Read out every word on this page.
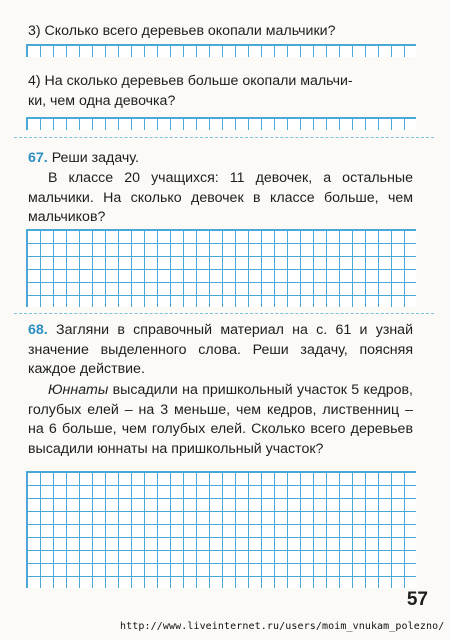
3) Сколько всего деревьев окопали мальчики?

4) На сколько деревьев больше окопали мальчи-

ки, чем одна девочка?

67. Реши задачу.

В классе 20 учащихся: 11 девочек, а остальные мальчики. На сколько девочек в классе больше, чем мальчиков?

68. Загляни в справочный материал на с. 61 и узнай значение выделенного слова. Реши задачу, поясняя каждое действие.

Юннаты высадили на пришкольный участок 5 кедров, голубых елей – на 3 меньше, чем кедров, лиственниц – на 6 больше, чем голубых елей. Сколько всего деревьев высадили юннаты на пришкольный участок?

57
http://www.liveinternet.ru/users/moim_vnukam_polezno/
